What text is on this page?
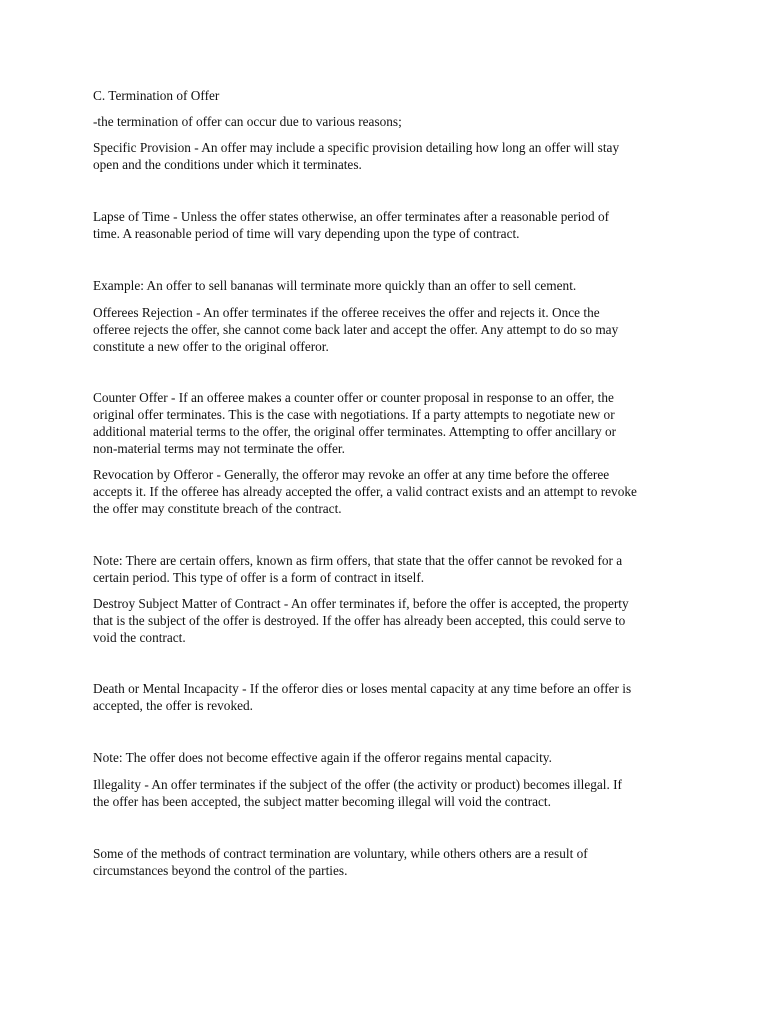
C. Termination of Offer

-the termination of offer can occur due to various reasons;

Specific Provision - An offer may include a specific provision detailing how long an offer will stay
open and the conditions under which it terminates.

Lapse of Time - Unless the offer states otherwise, an offer terminates after a reasonable period of
time. A reasonable period of time will vary depending upon the type of contract.

Example: An offer to sell bananas will terminate more quickly than an offer to sell cement.

Offerees Rejection - An offer terminates if the offeree receives the offer and rejects it. Once the
offeree rejects the offer, she cannot come back later and accept the offer. Any attempt to do so may
constitute a new offer to the original offeror.

Counter Offer - If an offeree makes a counter offer or counter proposal in response to an offer, the
original offer terminates. This is the case with negotiations. If a party attempts to negotiate new or
additional material terms to the offer, the original offer terminates. Attempting to offer ancillary or
non-material terms may not terminate the offer.

Revocation by Offeror - Generally, the offeror may revoke an offer at any time before the offeree
accepts it. If the offeree has already accepted the offer, a valid contract exists and an attempt to revoke
the offer may constitute breach of the contract.

Note: There are certain offers, known as firm offers, that state that the offer cannot be revoked for a
certain period. This type of offer is a form of contract in itself.

Destroy Subject Matter of Contract - An offer terminates if, before the offer is accepted, the property
that is the subject of the offer is destroyed. If the offer has already been accepted, this could serve to
void the contract.

Death or Mental Incapacity - If the offeror dies or loses mental capacity at any time before an offer is
accepted, the offer is revoked.

Note: The offer does not become effective again if the offeror regains mental capacity.

Illegality - An offer terminates if the subject of the offer (the activity or product) becomes illegal. If
the offer has been accepted, the subject matter becoming illegal will void the contract.

Some of the methods of contract termination are voluntary, while others others are a result of
circumstances beyond the control of the parties.
